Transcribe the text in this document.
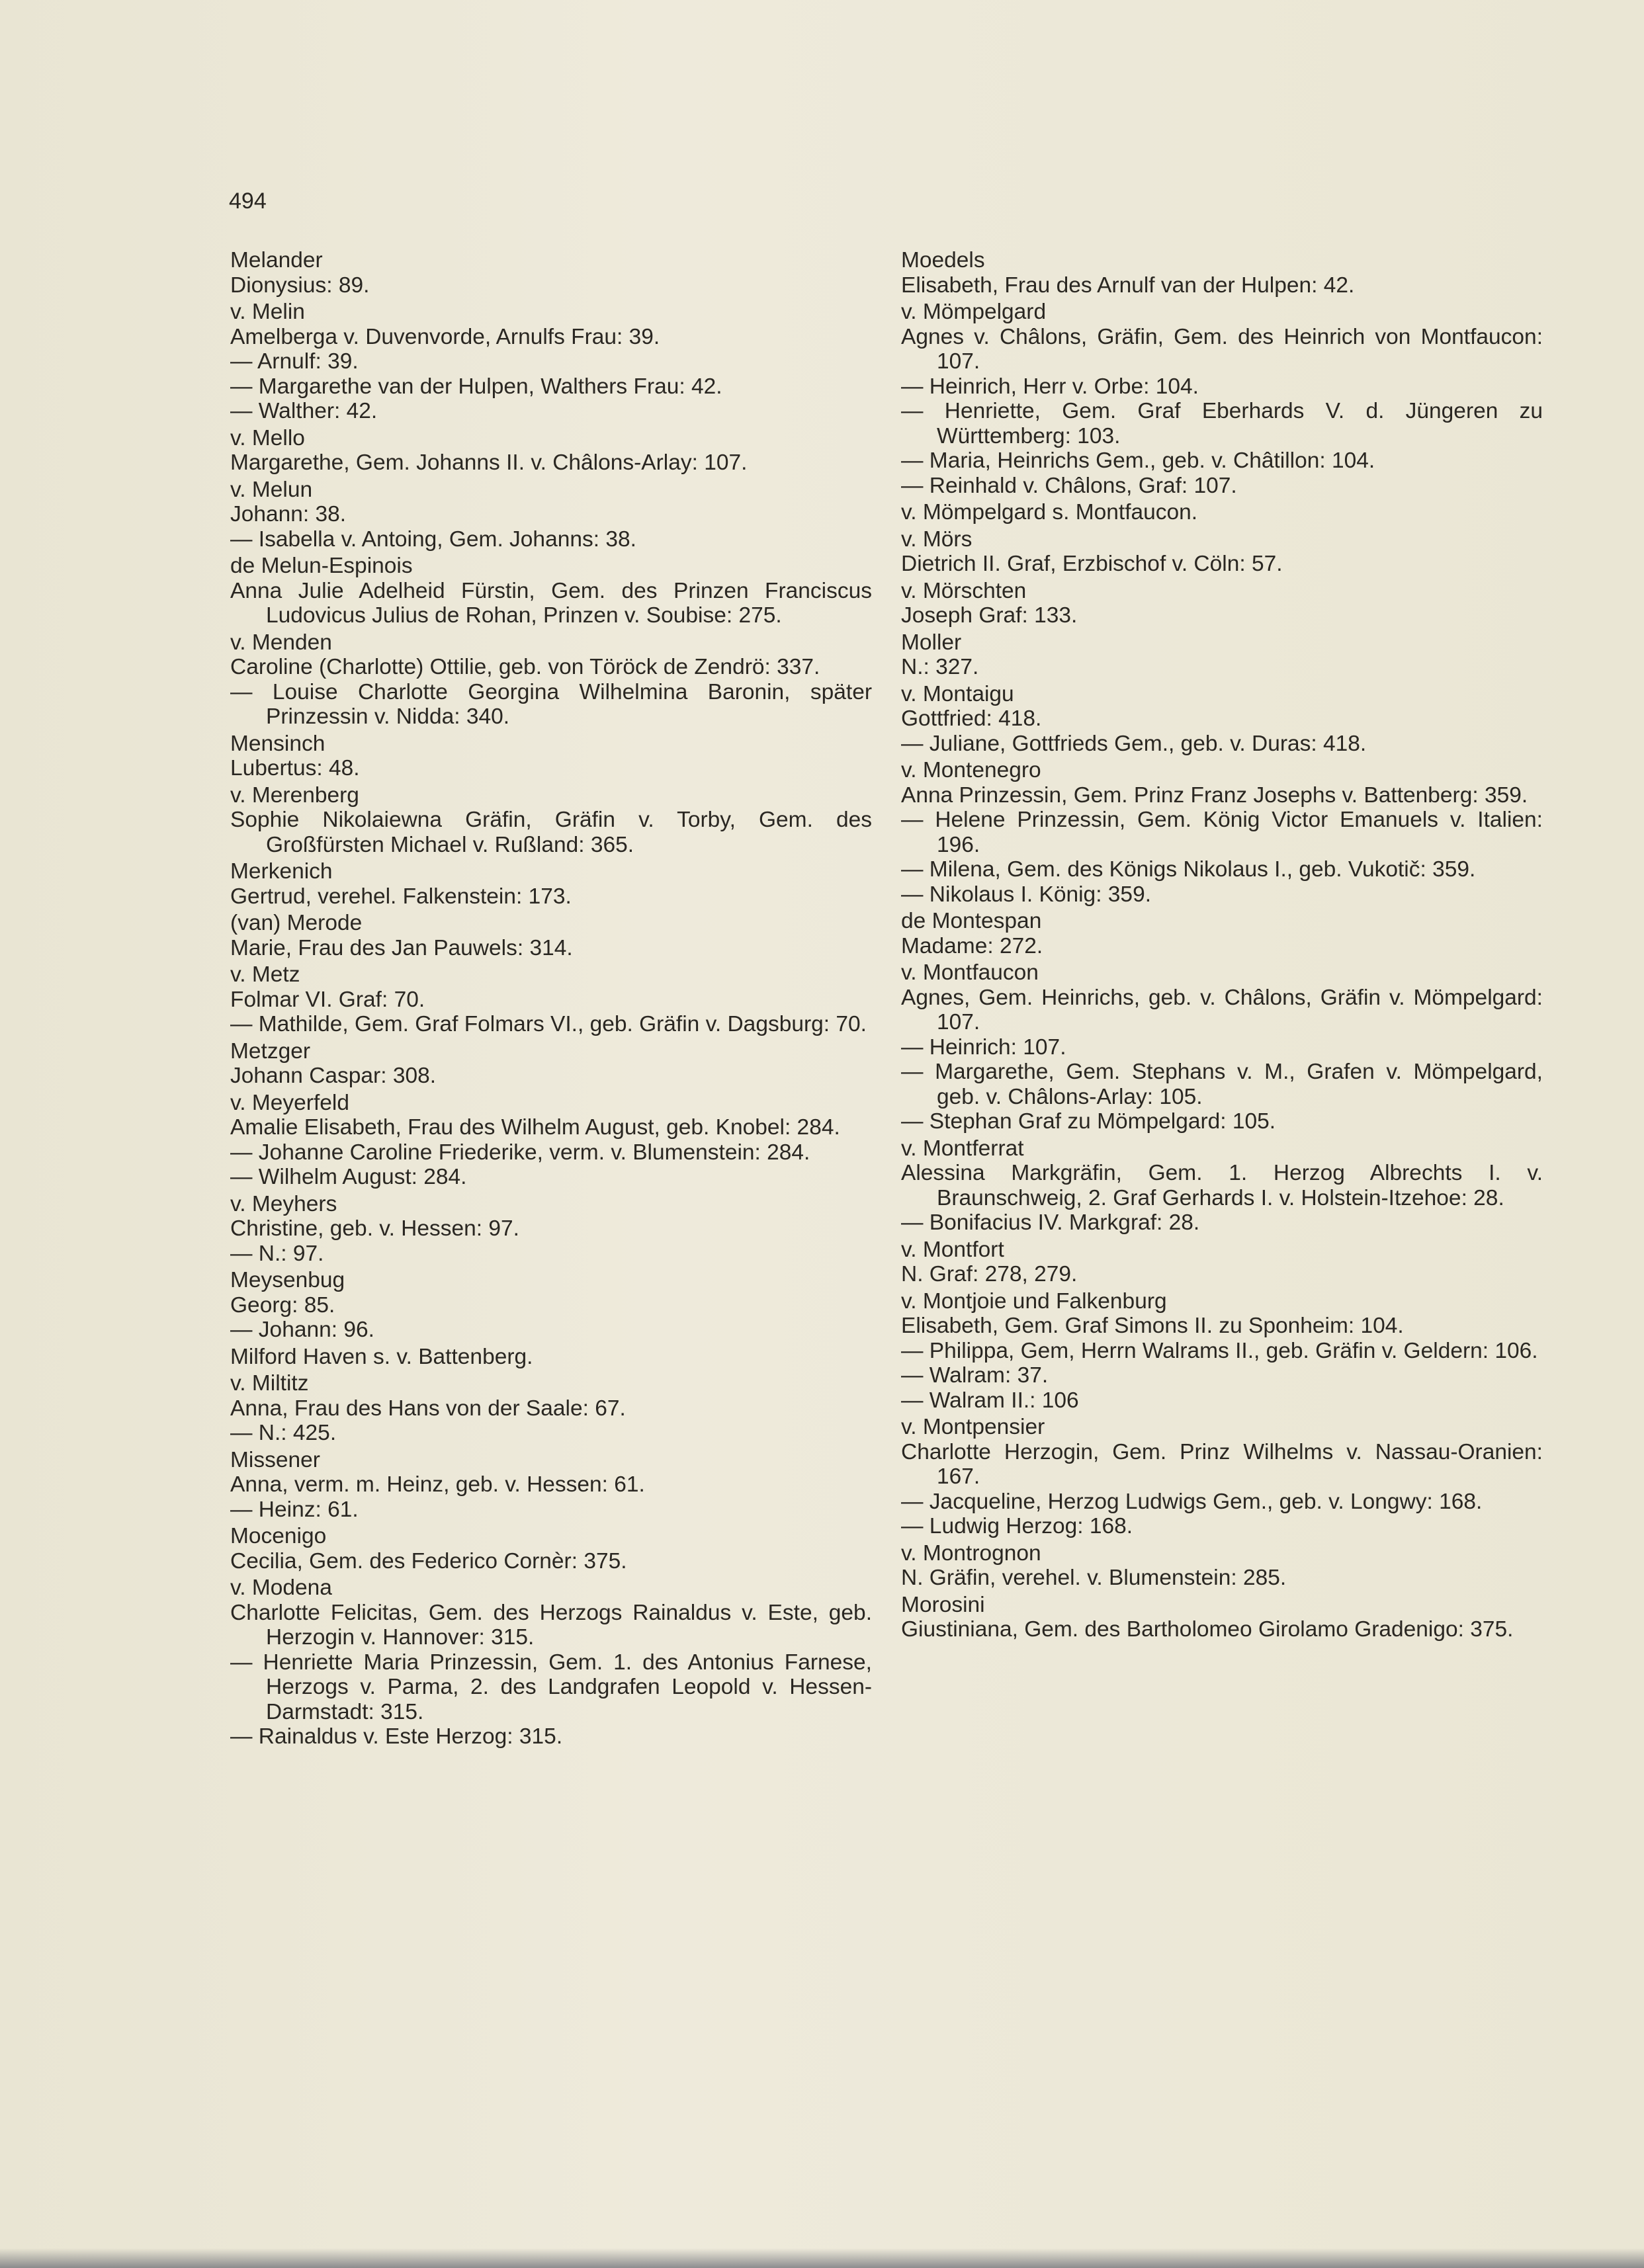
494
Melander
Dionysius: 89.
v. Melin
Amelberga v. Duvenvorde, Arnulfs Frau: 39.
— Arnulf: 39.
— Margarethe van der Hulpen, Walthers Frau: 42.
— Walther: 42.
v. Mello
Margarethe, Gem. Johanns II. v. Châlons-Arlay: 107.
v. Melun
Johann: 38.
— Isabella v. Antoing, Gem. Johanns: 38.
de Melun-Espinois
Anna Julie Adelheid Fürstin, Gem. des Prinzen Franciscus Ludovicus Julius de Rohan, Prinzen v. Soubise: 275.
v. Menden
Caroline (Charlotte) Ottilie, geb. von Töröck de Zendrö: 337.
— Louise Charlotte Georgina Wilhelmina Baronin, später Prinzessin v. Nidda: 340.
Mensinch
Lubertus: 48.
v. Merenberg
Sophie Nikolaiewna Gräfin, Gräfin v. Torby, Gem. des Großfürsten Michael v. Rußland: 365.
Merkenich
Gertrud, verehel. Falkenstein: 173.
(van) Merode
Marie, Frau des Jan Pauwels: 314.
v. Metz
Folmar VI. Graf: 70.
— Mathilde, Gem. Graf Folmars VI., geb. Gräfin v. Dagsburg: 70.
Metzger
Johann Caspar: 308.
v. Meyerfeld
Amalie Elisabeth, Frau des Wilhelm August, geb. Knobel: 284.
— Johanne Caroline Friederike, verm. v. Blumenstein: 284.
— Wilhelm August: 284.
v. Meyhers
Christine, geb. v. Hessen: 97.
— N.: 97.
Meysenbug
Georg: 85.
— Johann: 96.
Milford Haven s. v. Battenberg.
v. Miltitz
Anna, Frau des Hans von der Saale: 67.
— N.: 425.
Missener
Anna, verm. m. Heinz, geb. v. Hessen: 61.
— Heinz: 61.
Mocenigo
Cecilia, Gem. des Federico Cornèr: 375.
v. Modena
Charlotte Felicitas, Gem. des Herzogs Rainaldus v. Este, geb. Herzogin v. Hannover: 315.
— Henriette Maria Prinzessin, Gem. 1. des Antonius Farnese, Herzogs v. Parma, 2. des Landgrafen Leopold v. Hessen-Darmstadt: 315.
— Rainaldus v. Este Herzog: 315.
Moedels
Elisabeth, Frau des Arnulf van der Hulpen: 42.
v. Mömpelgard
Agnes v. Châlons, Gräfin, Gem. des Heinrich von Montfaucon: 107.
— Heinrich, Herr v. Orbe: 104.
— Henriette, Gem. Graf Eberhards V. d. Jüngeren zu Württemberg: 103.
— Maria, Heinrichs Gem., geb. v. Châtillon: 104.
— Reinhald v. Châlons, Graf: 107.
v. Mömpelgard s. Montfaucon.
v. Mörs
Dietrich II. Graf, Erzbischof v. Cöln: 57.
v. Mörschten
Joseph Graf: 133.
Moller
N.: 327.
v. Montaigu
Gottfried: 418.
— Juliane, Gottfrieds Gem., geb. v. Duras: 418.
v. Montenegro
Anna Prinzessin, Gem. Prinz Franz Josephs v. Battenberg: 359.
— Helene Prinzessin, Gem. König Victor Emanuels v. Italien: 196.
— Milena, Gem. des Königs Nikolaus I., geb. Vukotič: 359.
— Nikolaus I. König: 359.
de Montespan
Madame: 272.
v. Montfaucon
Agnes, Gem. Heinrichs, geb. v. Châlons, Gräfin v. Mömpelgard: 107.
— Heinrich: 107.
— Margarethe, Gem. Stephans v. M., Grafen v. Mömpelgard, geb. v. Châlons-Arlay: 105.
— Stephan Graf zu Mömpelgard: 105.
v. Montferrat
Alessina Markgräfin, Gem. 1. Herzog Albrechts I. v. Braunschweig, 2. Graf Gerhards I. v. Holstein-Itzehoe: 28.
— Bonifacius IV. Markgraf: 28.
v. Montfort
N. Graf: 278, 279.
v. Montjoie und Falkenburg
Elisabeth, Gem. Graf Simons II. zu Sponheim: 104.
— Philippa, Gem, Herrn Walrams II., geb. Gräfin v. Geldern: 106.
— Walram: 37.
— Walram II.: 106
v. Montpensier
Charlotte Herzogin, Gem. Prinz Wilhelms v. Nassau-Oranien: 167.
— Jacqueline, Herzog Ludwigs Gem., geb. v. Longwy: 168.
— Ludwig Herzog: 168.
v. Montrognon
N. Gräfin, verehel. v. Blumenstein: 285.
Morosini
Giustiniana, Gem. des Bartholomeo Girolamo Gradenigo: 375.
